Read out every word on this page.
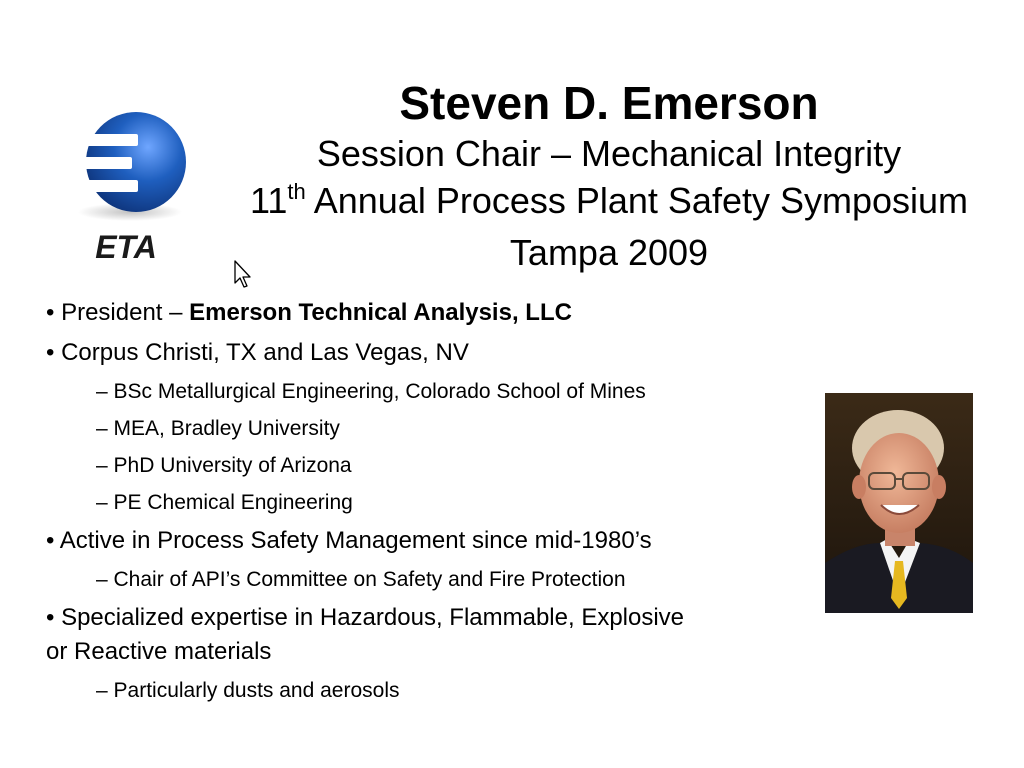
ETA
Steven D. Emerson
Session Chair – Mechanical Integrity
11th Annual Process Plant Safety Symposium
Tampa 2009
• President – Emerson Technical Analysis, LLC
• Corpus Christi, TX and Las Vegas, NV
– BSc Metallurgical Engineering, Colorado School of Mines
– MEA, Bradley University
– PhD University of Arizona
– PE Chemical Engineering
• Active in Process Safety Management since mid-1980’s
– Chair of API’s Committee on Safety and Fire Protection
• Specialized expertise in Hazardous, Flammable, Explosive
or Reactive materials
– Particularly dusts and aerosols
